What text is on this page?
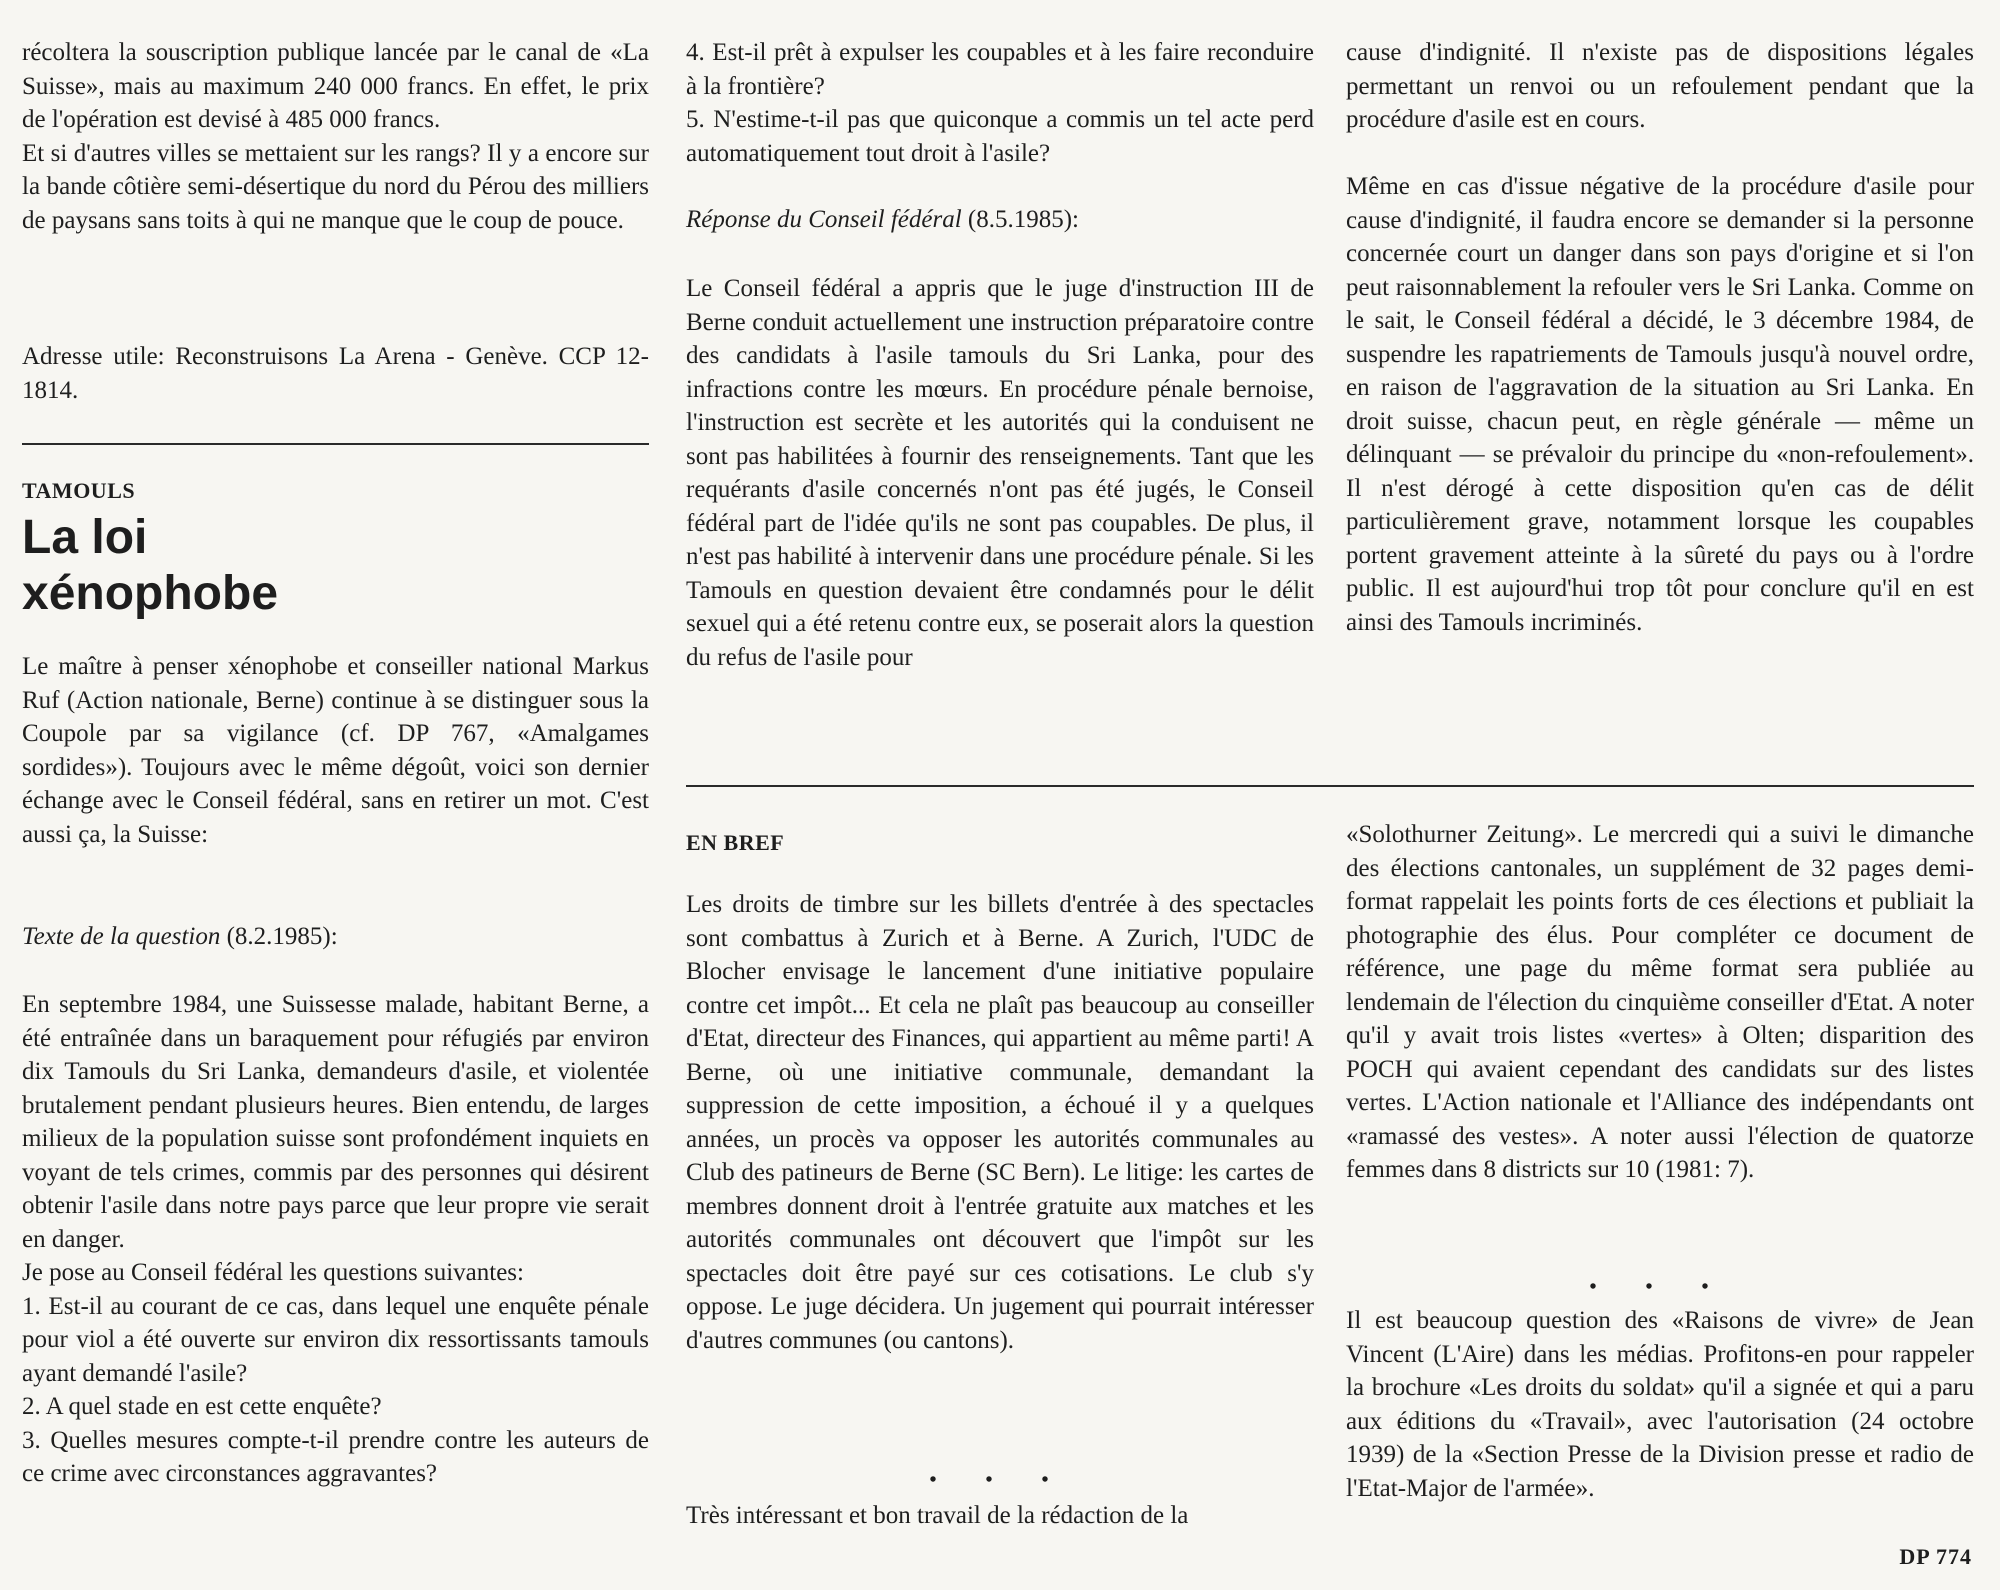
récoltera la souscription publique lancée par le canal de «La Suisse», mais au maximum 240 000 francs. En effet, le prix de l'opération est devisé à 485 000 francs.
Et si d'autres villes se mettaient sur les rangs? Il y a encore sur la bande côtière semi-désertique du nord du Pérou des milliers de paysans sans toits à qui ne manque que le coup de pouce.

Adresse utile: Reconstruisons La Arena - Genève. CCP 12-1814.

TAMOULS

La loi xénophobe

Le maître à penser xénophobe et conseiller national Markus Ruf (Action nationale, Berne) continue à se distinguer sous la Coupole par sa vigilance (cf. DP 767, «Amalgames sordides»). Toujours avec le même dégoût, voici son dernier échange avec le Conseil fédéral, sans en retirer un mot. C'est aussi ça, la Suisse:

Texte de la question (8.2.1985):

En septembre 1984, une Suissesse malade, habitant Berne, a été entraînée dans un baraquement pour réfugiés par environ dix Tamouls du Sri Lanka, demandeurs d'asile, et violentée brutalement pendant plusieurs heures. Bien entendu, de larges milieux de la population suisse sont profondément inquiets en voyant de tels crimes, commis par des personnes qui désirent obtenir l'asile dans notre pays parce que leur propre vie serait en danger.
Je pose au Conseil fédéral les questions suivantes:
1. Est-il au courant de ce cas, dans lequel une enquête pénale pour viol a été ouverte sur environ dix ressortissants tamouls ayant demandé l'asile?
2. A quel stade en est cette enquête?
3. Quelles mesures compte-t-il prendre contre les auteurs de ce crime avec circonstances aggravantes?

4. Est-il prêt à expulser les coupables et à les faire reconduire à la frontière?
5. N'estime-t-il pas que quiconque a commis un tel acte perd automatiquement tout droit à l'asile?

Réponse du Conseil fédéral (8.5.1985):

Le Conseil fédéral a appris que le juge d'instruction III de Berne conduit actuellement une instruction préparatoire contre des candidats à l'asile tamouls du Sri Lanka, pour des infractions contre les mœurs. En procédure pénale bernoise, l'instruction est secrète et les autorités qui la conduisent ne sont pas habilitées à fournir des renseignements. Tant que les requérants d'asile concernés n'ont pas été jugés, le Conseil fédéral part de l'idée qu'ils ne sont pas coupables. De plus, il n'est pas habilité à intervenir dans une procédure pénale. Si les Tamouls en question devaient être condamnés pour le délit sexuel qui a été retenu contre eux, se poserait alors la question du refus de l'asile pour

cause d'indignité. Il n'existe pas de dispositions légales permettant un renvoi ou un refoulement pendant que la procédure d'asile est en cours.

Même en cas d'issue négative de la procédure d'asile pour cause d'indignité, il faudra encore se demander si la personne concernée court un danger dans son pays d'origine et si l'on peut raisonnablement la refouler vers le Sri Lanka. Comme on le sait, le Conseil fédéral a décidé, le 3 décembre 1984, de suspendre les rapatriements de Tamouls jusqu'à nouvel ordre, en raison de l'aggravation de la situation au Sri Lanka. En droit suisse, chacun peut, en règle générale — même un délinquant — se prévaloir du principe du «non-refoulement». Il n'est dérogé à cette disposition qu'en cas de délit particulièrement grave, notamment lorsque les coupables portent gravement atteinte à la sûreté du pays ou à l'ordre public. Il est aujourd'hui trop tôt pour conclure qu'il en est ainsi des Tamouls incriminés.

EN BREF

Les droits de timbre sur les billets d'entrée à des spectacles sont combattus à Zurich et à Berne. A Zurich, l'UDC de Blocher envisage le lancement d'une initiative populaire contre cet impôt... Et cela ne plaît pas beaucoup au conseiller d'Etat, directeur des Finances, qui appartient au même parti! A Berne, où une initiative communale, demandant la suppression de cette imposition, a échoué il y a quelques années, un procès va opposer les autorités communales au Club des patineurs de Berne (SC Bern). Le litige: les cartes de membres donnent droit à l'entrée gratuite aux matches et les autorités communales ont découvert que l'impôt sur les spectacles doit être payé sur ces cotisations. Le club s'y oppose. Le juge décidera. Un jugement qui pourrait intéresser d'autres communes (ou cantons).

• • •

Très intéressant et bon travail de la rédaction de la

«Solothurner Zeitung». Le mercredi qui a suivi le dimanche des élections cantonales, un supplément de 32 pages demi-format rappelait les points forts de ces élections et publiait la photographie des élus. Pour compléter ce document de référence, une page du même format sera publiée au lendemain de l'élection du cinquième conseiller d'Etat. A noter qu'il y avait trois listes «vertes» à Olten; disparition des POCH qui avaient cependant des candidats sur des listes vertes. L'Action nationale et l'Alliance des indépendants ont «ramassé des vestes». A noter aussi l'élection de quatorze femmes dans 8 districts sur 10 (1981: 7).

• • •

Il est beaucoup question des «Raisons de vivre» de Jean Vincent (L'Aire) dans les médias. Profitons-en pour rappeler la brochure «Les droits du soldat» qu'il a signée et qui a paru aux éditions du «Travail», avec l'autorisation (24 octobre 1939) de la «Section Presse de la Division presse et radio de l'Etat-Major de l'armée».

DP 774
